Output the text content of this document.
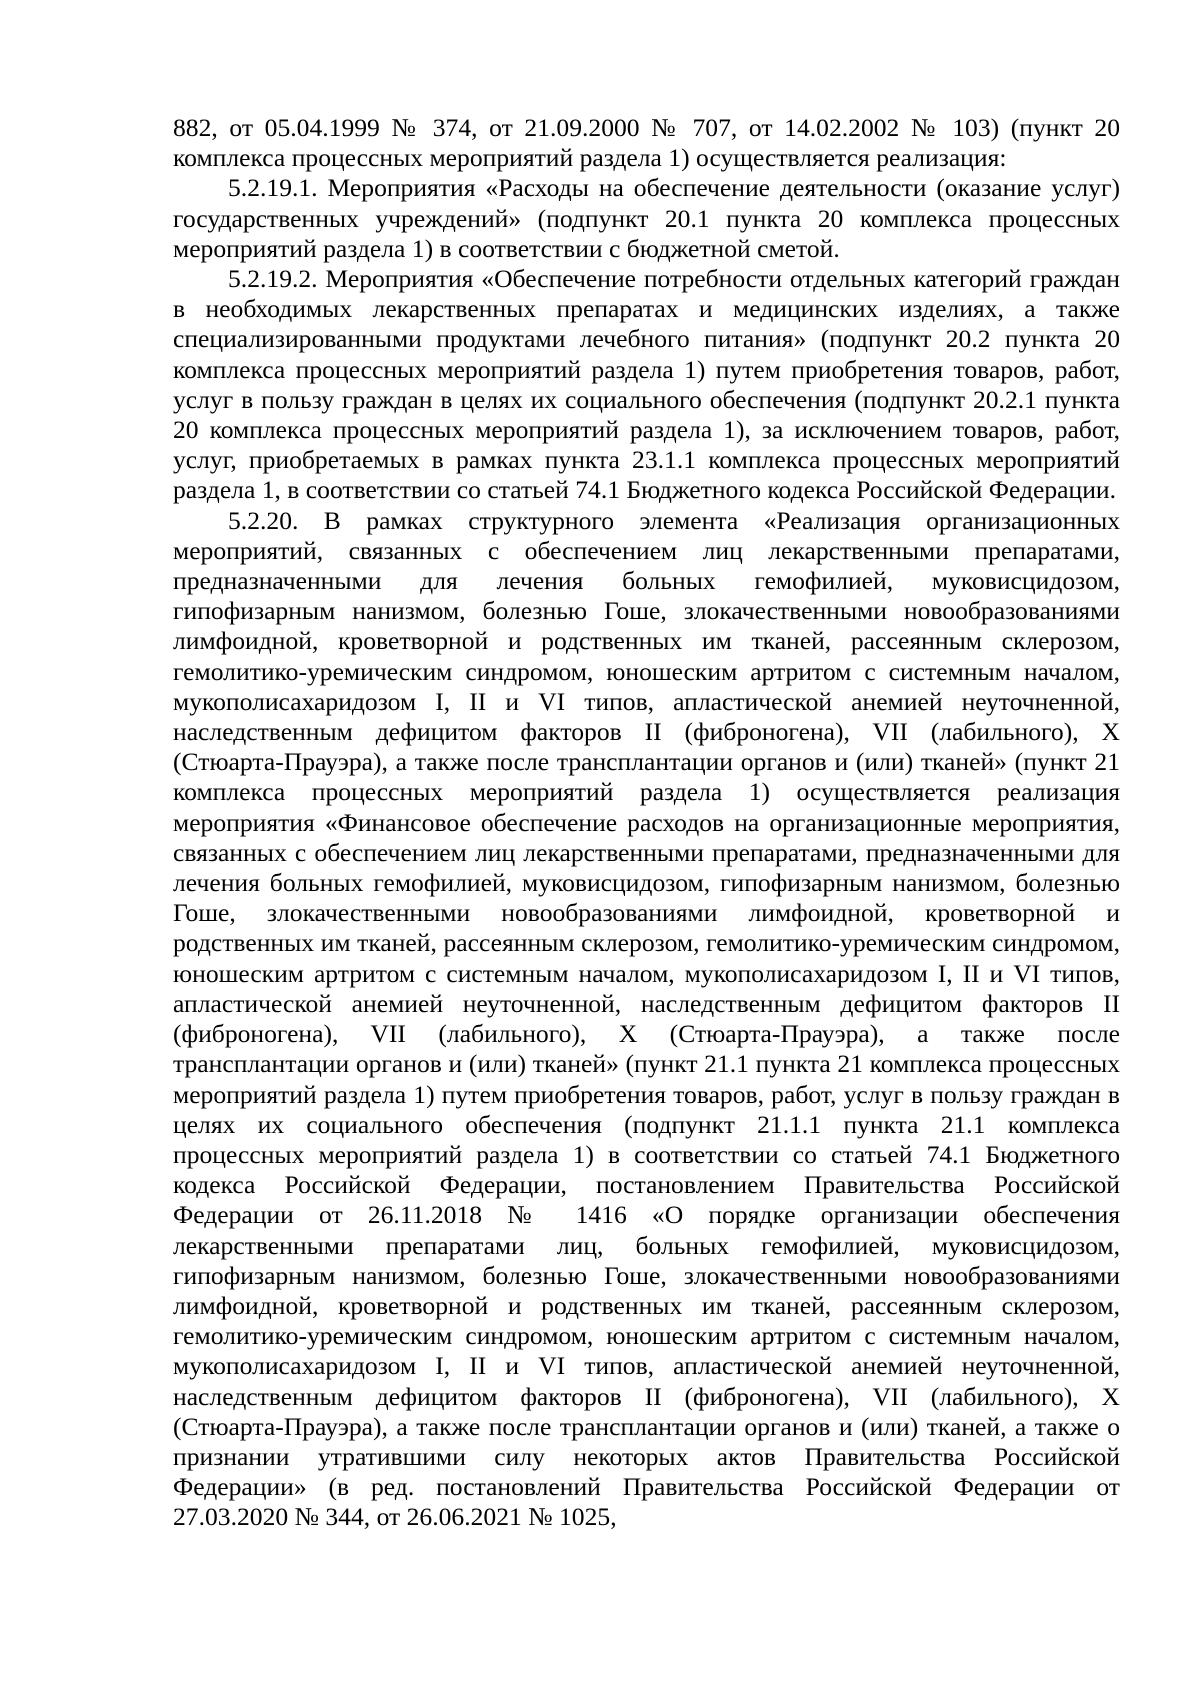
882, от 05.04.1999 № 374, от 21.09.2000 № 707, от 14.02.2002 № 103) (пункт 20 комплекса процессных мероприятий раздела 1) осуществляется реализация:

5.2.19.1. Мероприятия «Расходы на обеспечение деятельности (оказание услуг) государственных учреждений» (подпункт 20.1 пункта 20 комплекса процессных мероприятий раздела 1) в соответствии с бюджетной сметой.

5.2.19.2. Мероприятия «Обеспечение потребности отдельных категорий граждан в необходимых лекарственных препаратах и медицинских изделиях, а также специализированными продуктами лечебного питания» (подпункт 20.2 пункта 20 комплекса процессных мероприятий раздела 1) путем приобретения товаров, работ, услуг в пользу граждан в целях их социального обеспечения (подпункт 20.2.1 пункта 20 комплекса процессных мероприятий раздела 1), за исключением товаров, работ, услуг, приобретаемых в рамках пункта 23.1.1 комплекса процессных мероприятий раздела 1, в соответствии со статьей 74.1 Бюджетного кодекса Российской Федерации.

5.2.20. В рамках структурного элемента «Реализация организационных мероприятий, связанных с обеспечением лиц лекарственными препаратами, предназначенными для лечения больных гемофилией, муковисцидозом, гипофизарным нанизмом, болезнью Гоше, злокачественными новообразованиями лимфоидной, кроветворной и родственных им тканей, рассеянным склерозом, гемолитико-уремическим синдромом, юношеским артритом с системным началом, мукополисахаридозом I, II и VI типов, апластической анемией неуточненной, наследственным дефицитом факторов II (фиброногена), VII (лабильного), X (Стюарта-Прауэра), а также после трансплантации органов и (или) тканей» (пункт 21 комплекса процессных мероприятий раздела 1) осуществляется реализация мероприятия «Финансовое обеспечение расходов на организационные мероприятия, связанных с обеспечением лиц лекарственными препаратами, предназначенными для лечения больных гемофилией, муковисцидозом, гипофизарным нанизмом, болезнью Гоше, злокачественными новообразованиями лимфоидной, кроветворной и родственных им тканей, рассеянным склерозом, гемолитико-уремическим синдромом, юношеским артритом с системным началом, мукополисахаридозом I, II и VI типов, апластической анемией неуточненной, наследственным дефицитом факторов II (фиброногена), VII (лабильного), X (Стюарта-Прауэра), а также после трансплантации органов и (или) тканей» (пункт 21.1 пункта 21 комплекса процессных мероприятий раздела 1) путем приобретения товаров, работ, услуг в пользу граждан в целях их социального обеспечения (подпункт 21.1.1 пункта 21.1 комплекса процессных мероприятий раздела 1) в соответствии со статьей 74.1 Бюджетного кодекса Российской Федерации, постановлением Правительства Российской Федерации от 26.11.2018 № 1416 «О порядке организации обеспечения лекарственными препаратами лиц, больных гемофилией, муковисцидозом, гипофизарным нанизмом, болезнью Гоше, злокачественными новообразованиями лимфоидной, кроветворной и родственных им тканей, рассеянным склерозом, гемолитико-уремическим синдромом, юношеским артритом с системным началом, мукополисахаридозом I, II и VI типов, апластической анемией неуточненной, наследственным дефицитом факторов II (фиброногена), VII (лабильного), X (Стюарта-Прауэра), а также после трансплантации органов и (или) тканей, а также о признании утратившими силу некоторых актов Правительства Российской Федерации» (в ред. постановлений Правительства Российской Федерации от 27.03.2020 № 344, от 26.06.2021 № 1025,
